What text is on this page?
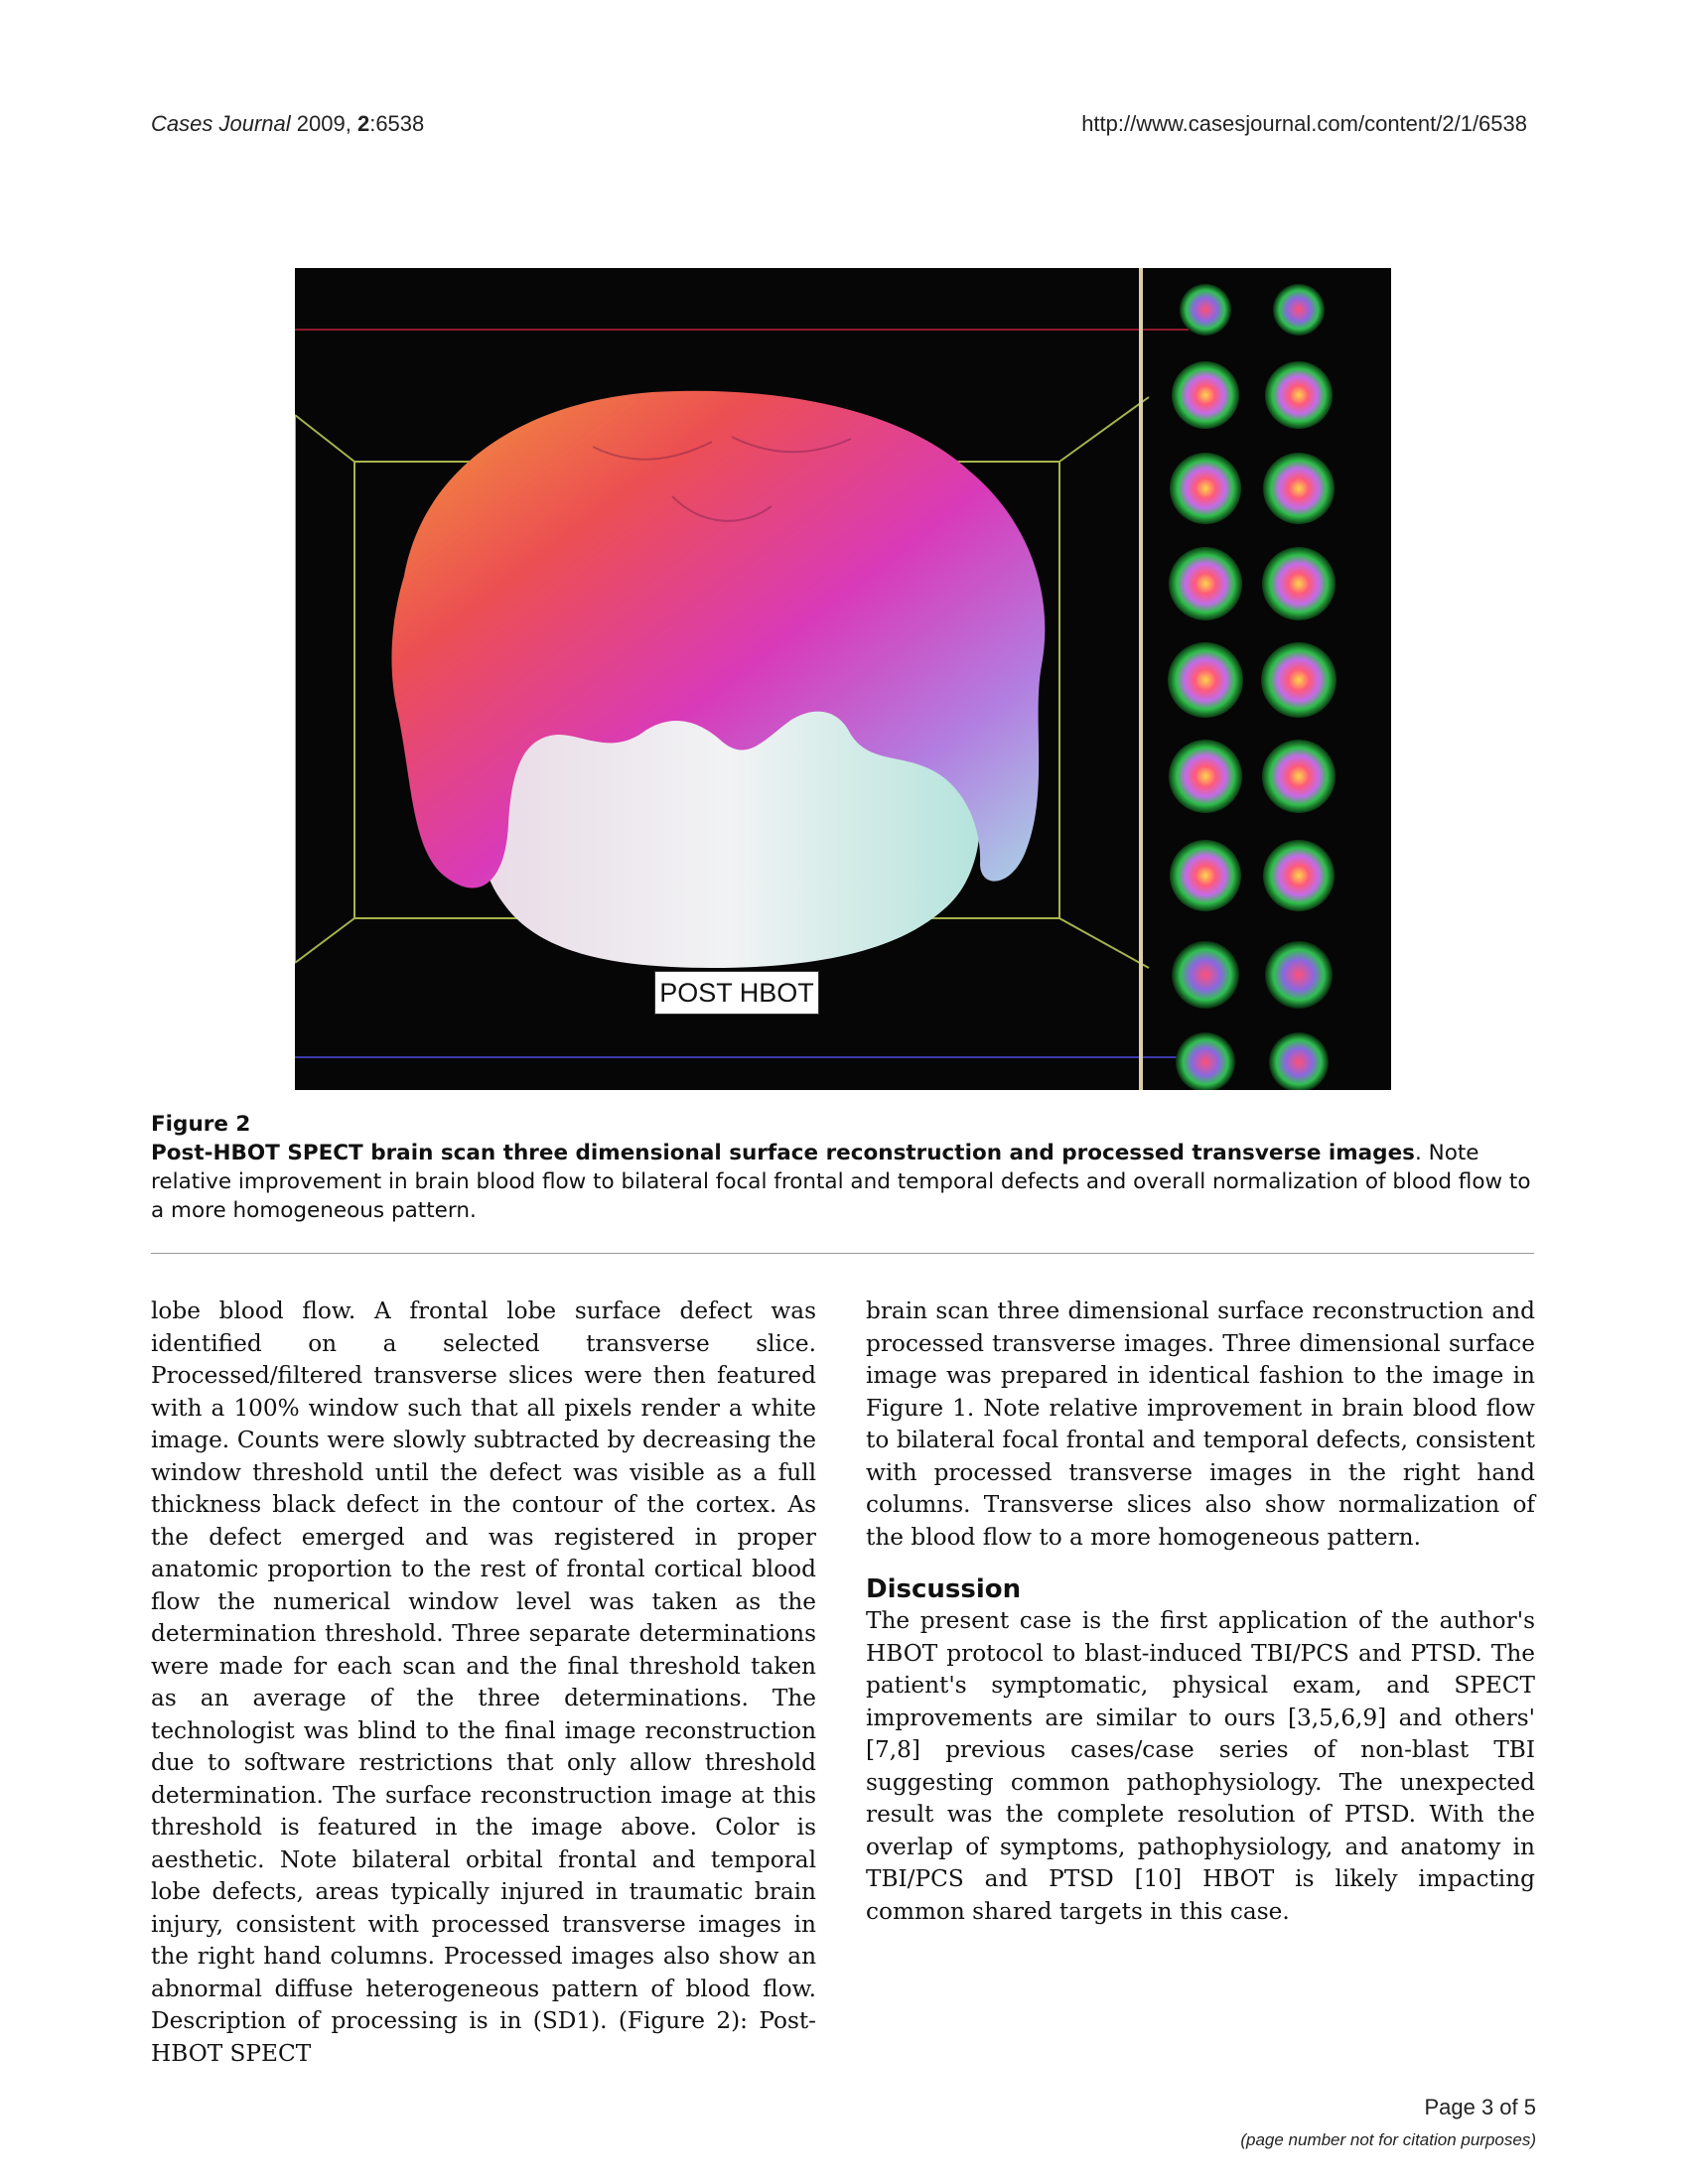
Cases Journal 2009, 2:6538	http://www.casesjournal.com/content/2/1/6538
POST HBOT
Figure 2
Post-HBOT SPECT brain scan three dimensional surface reconstruction and processed transverse images. Note relative improvement in brain blood flow to bilateral focal frontal and temporal defects and overall normalization of blood flow to a more homogeneous pattern.

lobe blood flow. A frontal lobe surface defect was identified on a selected transverse slice. Processed/filtered transverse slices were then featured with a 100% window such that all pixels render a white image. Counts were slowly subtracted by decreasing the window threshold until the defect was visible as a full thickness black defect in the contour of the cortex. As the defect emerged and was registered in proper anatomic proportion to the rest of frontal cortical blood flow the numerical window level was taken as the determination threshold. Three separate determinations were made for each scan and the final threshold taken as an average of the three determinations. The technologist was blind to the final image reconstruction due to software restrictions that only allow threshold determination. The surface reconstruction image at this threshold is featured in the image above. Color is aesthetic. Note bilateral orbital frontal and temporal lobe defects, areas typically injured in traumatic brain injury, consistent with processed transverse images in the right hand columns. Processed images also show an abnormal diffuse heterogeneous pattern of blood flow. Description of processing is in (SD1). (Figure 2): Post-HBOT SPECT

brain scan three dimensional surface reconstruction and processed transverse images. Three dimensional surface image was prepared in identical fashion to the image in Figure 1. Note relative improvement in brain blood flow to bilateral focal frontal and temporal defects, consistent with processed transverse images in the right hand columns. Transverse slices also show normalization of the blood flow to a more homogeneous pattern.

Discussion

The present case is the first application of the author's HBOT protocol to blast-induced TBI/PCS and PTSD. The patient's symptomatic, physical exam, and SPECT improvements are similar to ours [3,5,6,9] and others' [7,8] previous cases/case series of non-blast TBI suggesting common pathophysiology. The unexpected result was the complete resolution of PTSD. With the overlap of symptoms, pathophysiology, and anatomy in TBI/PCS and PTSD [10] HBOT is likely impacting common shared targets in this case.

Page 3 of 5
(page number not for citation purposes)
